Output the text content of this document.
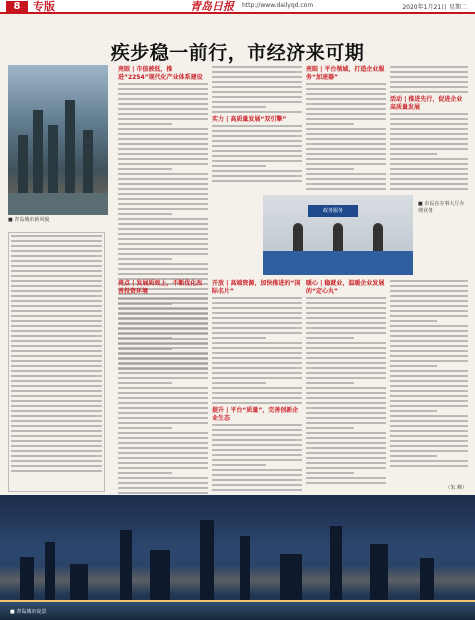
8	专版	青岛日报 http://www.dailyqd.com	2020年1月21日 星期二
疾步稳一前行，市经济来可期
■ 青岛城市新风貌
亮眼 | 市值被低，推进“2254”现代化产业体系建设
实力 | 高质量发展“双引擎”
亮眼 | 平台领域，打造企业服务“加速器”
活动 | 推进先行，促进企业高质量发展
政务服务
■ 市民在办事大厅办理业务
亮点 | 发展质效上，不断优化改善投资环境
开放 | 高端资源，加快推进的“国际名片”
提升 | 平台“质量”，完善创新企业生态
暖心 | 稳就业，温暖企业发展的“定心丸”
（朱 峰）
■ 青岛城市夜景
